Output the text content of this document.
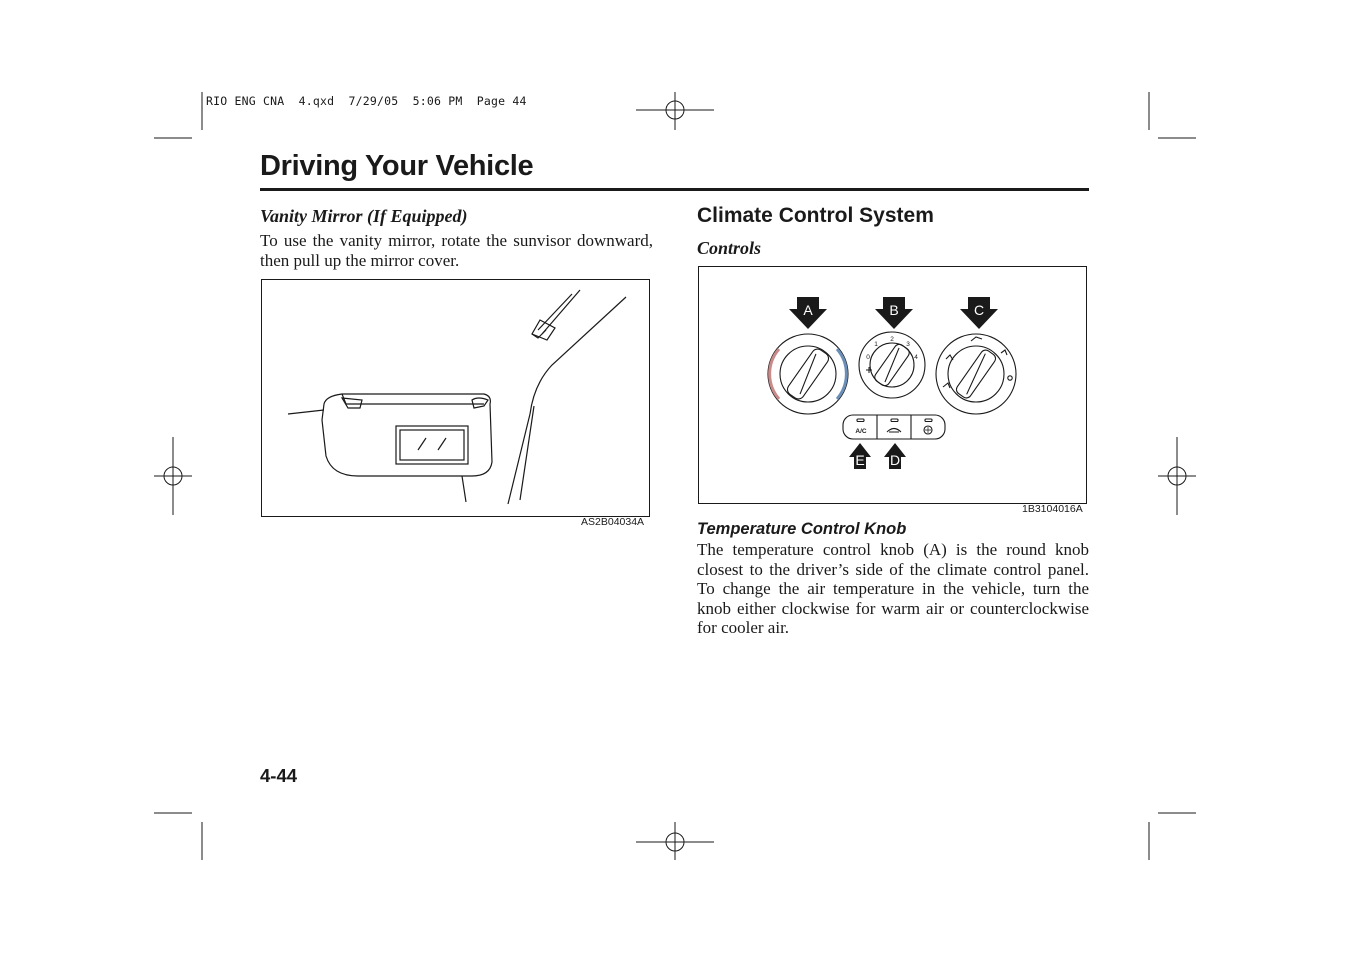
RIO ENG CNA  4.qxd  7/29/05  5:06 PM  Page 44
Driving Your Vehicle
Vanity Mirror (If Equipped)
To use the vanity mirror, rotate the sunvisor downward, then pull up the mirror cover.
AS2B04034A
Climate Control System
Controls
A	B	C
0
1
2
3
4
A/C
E D
1B3104016A
Temperature Control Knob
The temperature control knob (A) is the round knob closest to the driver’s side of the climate control panel. To change the air temperature in the vehicle, turn the knob either clockwise for warm air or counterclockwise for cooler air.
4-44
